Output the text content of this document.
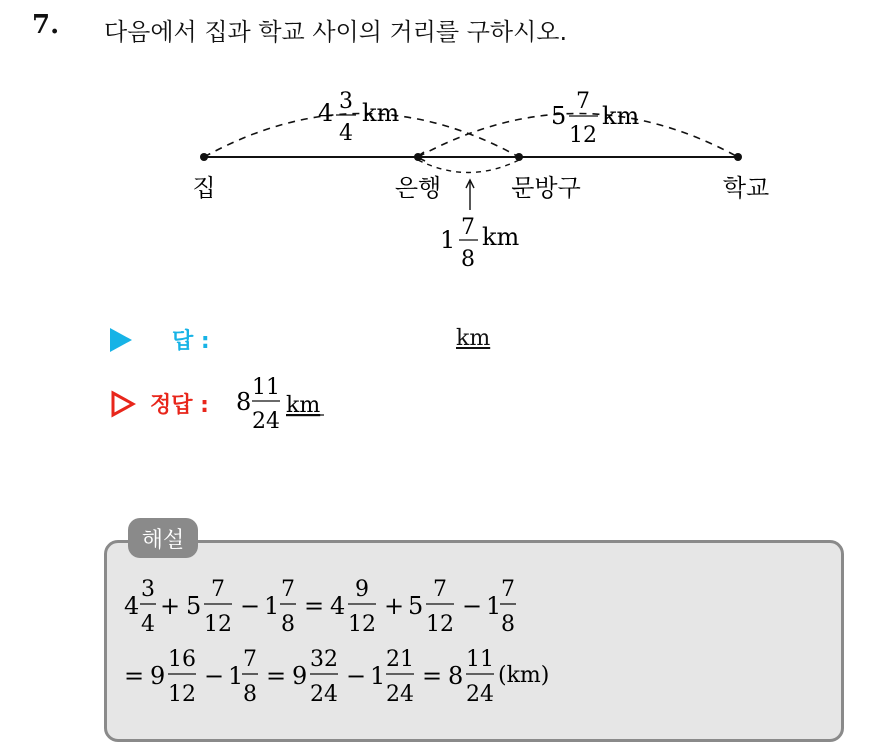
7. 다음에서 집과 학교 사이의 거리를 구하시오.
집	은행	문방구	학교
4 3
4
km	5
7
12
km
1 7
8
km
답 :	km
정답 : 8
11
24
km
해설
4
3
4
+ 5
7
12
− 1
7
8
= 4
9
12
+ 5
7
12
− 1
7
8
= 9
16
12
− 1
7
8
= 9
32
24
− 1
21
24
= 8
11
24
(km)
